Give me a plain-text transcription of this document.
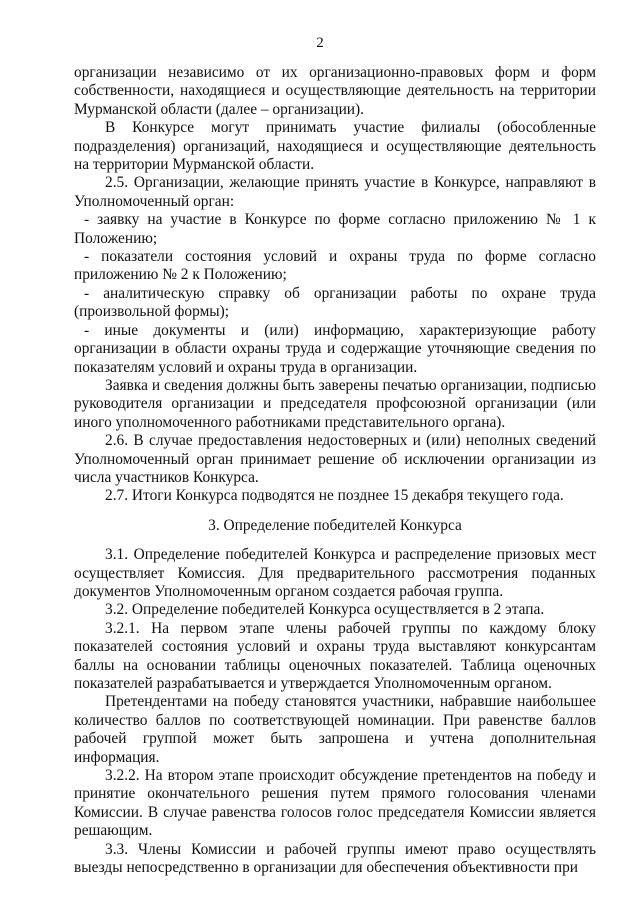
2

организации независимо от их организационно-правовых форм и форм собственности, находящиеся и осуществляющие деятельность на территории Мурманской области (далее – организации).

В Конкурсе могут принимать участие филиалы (обособленные подразделения) организаций, находящиеся и осуществляющие деятельность на территории Мурманской области.

2.5. Организации, желающие принять участие в Конкурсе, направляют в Уполномоченный орган:

- заявку на участие в Конкурсе по форме согласно приложению № 1 к Положению;

- показатели состояния условий и охраны труда по форме согласно приложению № 2 к Положению;

- аналитическую справку об организации работы по охране труда (произвольной формы);

- иные документы и (или) информацию, характеризующие работу организации в области охраны труда и содержащие уточняющие сведения по показателям условий и охраны труда в организации.

Заявка и сведения должны быть заверены печатью организации, подписью руководителя организации и председателя профсоюзной организации (или иного уполномоченного работниками представительного органа).

2.6. В случае предоставления недостоверных и (или) неполных сведений Уполномоченный орган принимает решение об исключении организации из числа участников Конкурса.

2.7. Итоги Конкурса подводятся не позднее 15 декабря текущего года.

3. Определение победителей Конкурса

3.1. Определение победителей Конкурса и распределение призовых мест осуществляет Комиссия. Для предварительного рассмотрения поданных документов Уполномоченным органом создается рабочая группа.

3.2. Определение победителей Конкурса осуществляется в 2 этапа.

3.2.1. На первом этапе члены рабочей группы по каждому блоку показателей состояния условий и охраны труда выставляют конкурсантам баллы на основании таблицы оценочных показателей. Таблица оценочных показателей разрабатывается и утверждается Уполномоченным органом.

Претендентами на победу становятся участники, набравшие наибольшее количество баллов по соответствующей номинации. При равенстве баллов рабочей группой может быть запрошена и учтена дополнительная информация.

3.2.2. На втором этапе происходит обсуждение претендентов на победу и принятие окончательного решения путем прямого голосования членами Комиссии. В случае равенства голосов голос председателя Комиссии является решающим.

3.3. Члены Комиссии и рабочей группы имеют право осуществлять выезды непосредственно в организации для обеспечения объективности при
